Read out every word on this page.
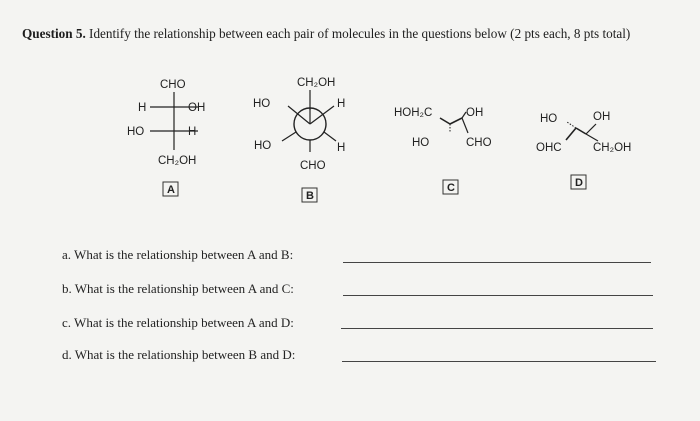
Question 5. Identify the relationship between each pair of molecules in the questions below (2 pts each, 8 pts total)
CHO
H	OH
HO	H
CH₂OH
A
CH₂OH
HO	H
HO	H
CHO
B
HOH₂C	OH
HO	CHO
C
HO	OH
OHC	CH₂OH
D
a. What is the relationship between A and B:
b. What is the relationship between A and C:
c. What is the relationship between A and D:
d. What is the relationship between B and D:
